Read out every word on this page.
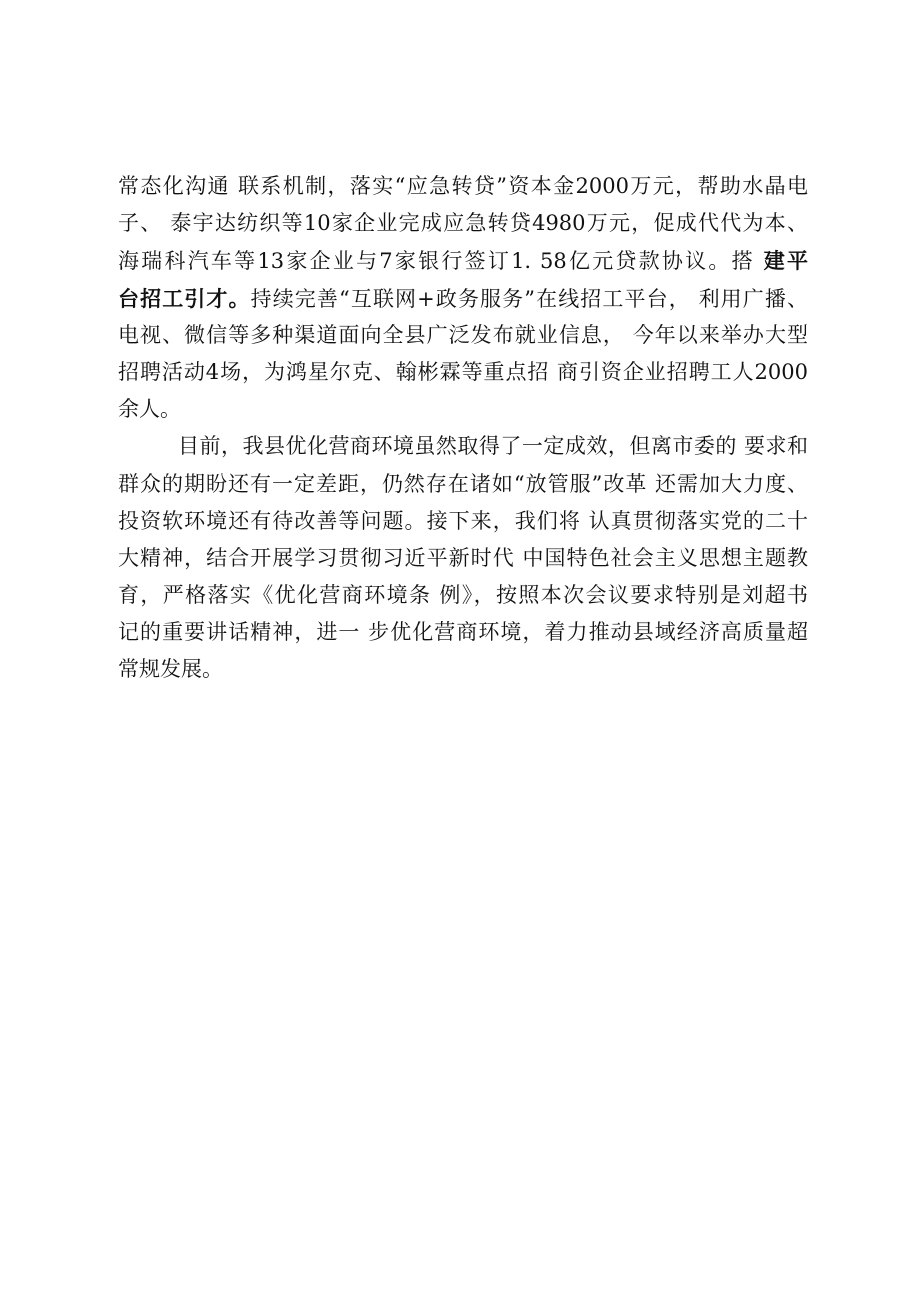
常态化沟通 联系机制，落实“应急转贷”资本金2000万元，帮助水晶电
子、 泰宇达纺织等10家企业完成应急转贷4980万元，促成代代为本、
海瑞科汽车等13家企业与7家银行签订1. 58亿元贷款协议。搭 建平
台招工引才。持续完善“互联网+政务服务”在线招工平台， 利用广播、
电视、微信等多种渠道面向全县广泛发布就业信息， 今年以来举办大型
招聘活动4场，为鸿星尔克、翰彬霖等重点招 商引资企业招聘工人2000
余人。
目前，我县优化营商环境虽然取得了一定成效，但离市委的 要求和
群众的期盼还有一定差距，仍然存在诸如“放管服”改革 还需加大力度、
投资软环境还有待改善等问题。接下来，我们将 认真贯彻落实党的二十
大精神，结合开展学习贯彻习近平新时代 中国特色社会主义思想主题教
育，严格落实《优化营商环境条 例》，按照本次会议要求特别是刘超书
记的重要讲话精神，进一 步优化营商环境，着力推动县域经济高质量超
常规发展。
